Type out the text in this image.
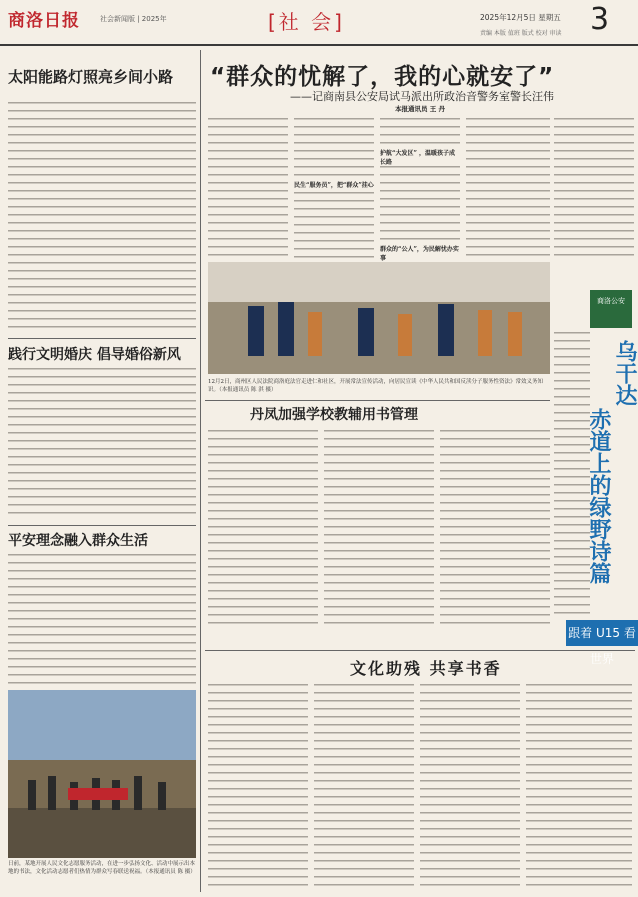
商洛日报	社会新闻版 | 2025年	[社 会]	2025年12月5日 星期五
责编 本版 值班 版式 校对 审读 3
太阳能路灯照亮乡间小路
践行文明婚庆 倡导婚俗新风
平安理念融入群众生活
日前，某地开展人民文化志愿服务活动，在进一步弘扬文化、活动中展示出本地的书法，文化活动志愿者们热情为群众写春联送祝福。（本报通讯员 陈 摄）
“群众的忧解了，我的心就安了”
——记商南县公安局试马派出所政治音警务室警长汪伟
本报通讯员 王 丹
民生“服务员”，把“群众”挂心
护航“大发区” ，温暖孩子成长路
群众的“公人”，为民解忧办实事
商洛公安
12月2日，商州区人民法院商洛庭法官走进仁和社区，开展常法宣传活动，向居民宣读《中华人民共和国反渎分子服务性资法》常效义务知识。（本报通讯员 陈 淇 摄）
丹凤加强学校教辅用书管理
乌干达
赤道上的绿野诗篇
跟着 U15 看世界
文化助残 共享书香
